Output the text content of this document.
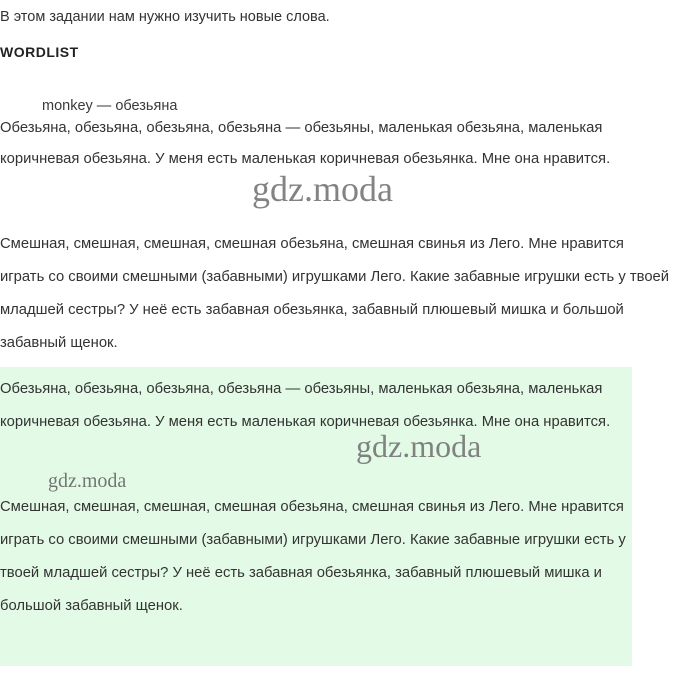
В этом задании нам нужно изучить новые слова.
WORDLIST
monkey — обезьяна
Обезьяна, обезьяна, обезьяна, обезьяна — обезьяны, маленькая обезьяна, маленькая коричневая обезьяна. У меня есть маленькая коричневая обезьянка. Мне она нравится.
Смешная, смешная, смешная, смешная обезьяна, смешная свинья из Лего. Мне нравится играть со своими смешными (забавными) игрушками Лего. Какие забавные игрушки есть у твоей младшей сестры? У неё есть забавная обезьянка, забавный плюшевый мишка и большой забавный щенок.
Обезьяна, обезьяна, обезьяна, обезьяна — обезьяны, маленькая обезьяна, маленькая коричневая обезьяна. У меня есть маленькая коричневая обезьянка. Мне она нравится.
Смешная, смешная, смешная, смешная обезьяна, смешная свинья из Лего. Мне нравится играть со своими смешными (забавными) игрушками Лего. Какие забавные игрушки есть у твоей младшей сестры? У неё есть забавная обезьянка, забавный плюшевый мишка и большой забавный щенок.
gdz.moda
gdz.moda
gdz.moda
